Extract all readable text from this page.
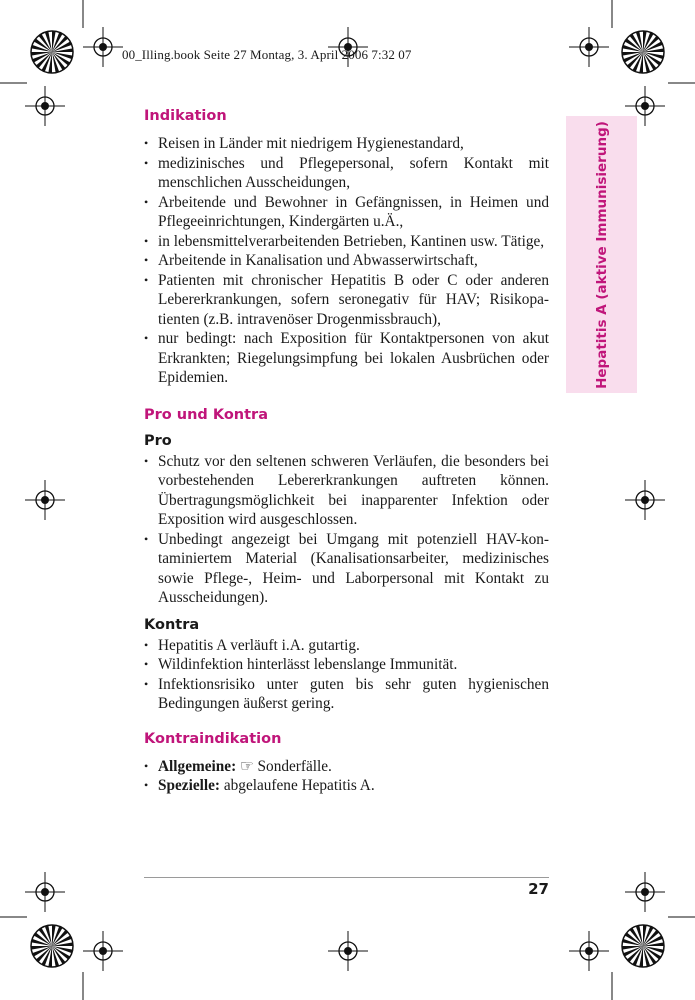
00_Illing.book Seite 27 Montag, 3. April 2006 7:32 07
Hepatitis A (aktive Immunisierung)
Indikation
• Reisen in Länder mit niedrigem Hygienestandard,
• medizinisches und Pflegepersonal, sofern Kontakt mit menschlichen Ausscheidungen,
• Arbeitende und Bewohner in Gefängnissen, in Heimen und Pflegeeinrichtungen, Kindergärten u.Ä.,
• in lebensmittelverarbeitenden Betrieben, Kantinen usw. Tätige,
• Arbeitende in Kanalisation und Abwasserwirtschaft,
• Patienten mit chronischer Hepatitis B oder C oder anderen Lebererkrankungen, sofern seronegativ für HAV; Risikopatienten (z.B. intravenöser Drogenmissbrauch),
• nur bedingt: nach Exposition für Kontaktpersonen von akut Erkrankten; Riegelungsimpfung bei lokalen Ausbrüchen oder Epidemien.
Pro und Kontra
Pro
• Schutz vor den seltenen schweren Verläufen, die besonders bei vorbestehenden Lebererkrankungen auftreten können. Übertragungsmöglichkeit bei inapparenter Infektion oder Exposition wird ausgeschlossen.
• Unbedingt angezeigt bei Umgang mit potenziell HAV-kontaminiertem Material (Kanalisationsarbeiter, medizinisches sowie Pflege-, Heim- und Laborpersonal mit Kontakt zu Ausscheidungen).
Kontra
• Hepatitis A verläuft i.A. gutartig.
• Wildinfektion hinterlässt lebenslange Immunität.
• Infektionsrisiko unter guten bis sehr guten hygienischen Bedingungen äußerst gering.
Kontraindikation
• Allgemeine: ☞ Sonderfälle.
• Spezielle: abgelaufene Hepatitis A.
27
